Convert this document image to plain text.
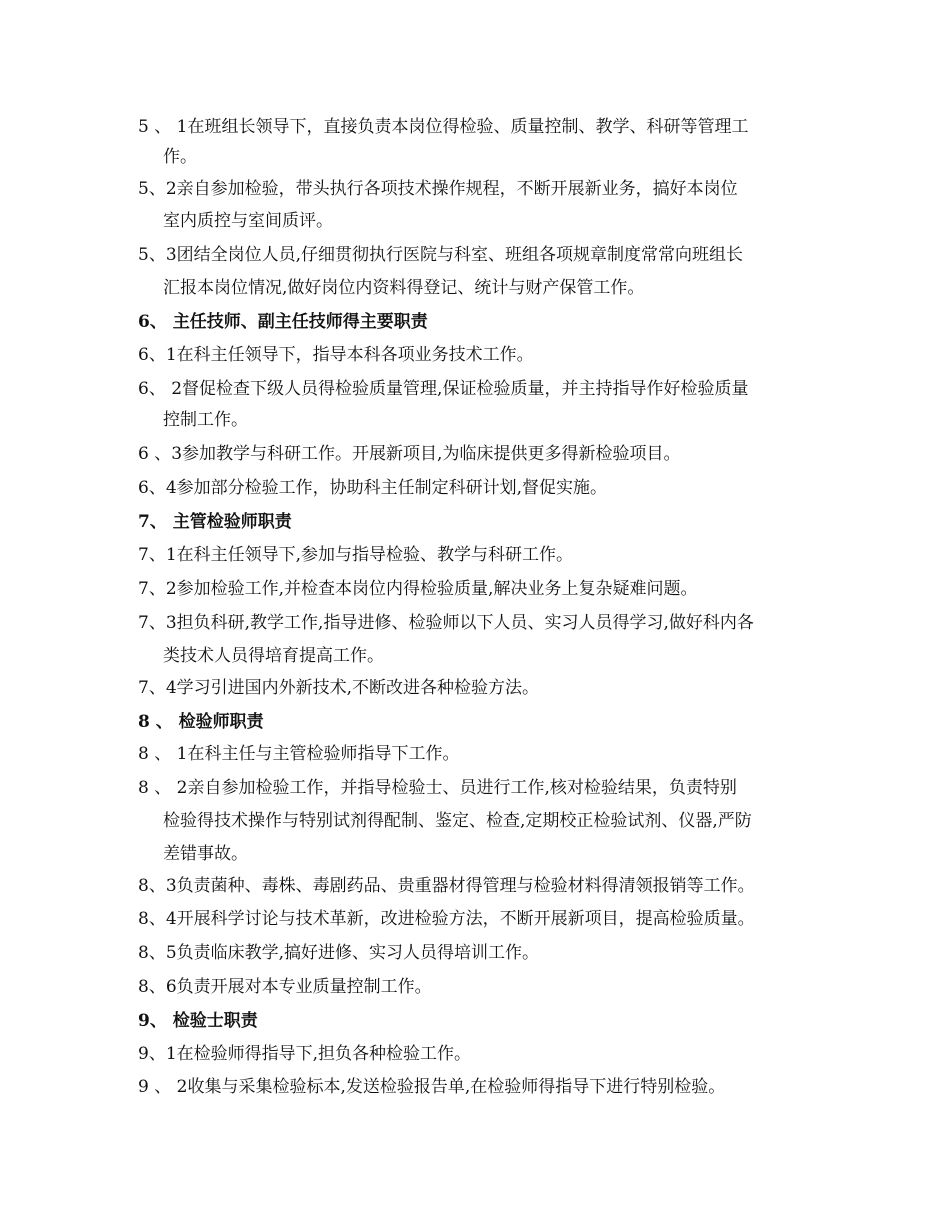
5 、 1在班组长领导下，直接负责本岗位得检验、质量控制、教学、科研等管理工
作。
5、2亲自参加检验，带头执行各项技术操作规程，不断开展新业务，搞好本岗位
室内质控与室间质评。
5、3团结全岗位人员,仔细贯彻执行医院与科室、班组各项规章制度常常向班组长
汇报本岗位情况,做好岗位内资料得登记、统计与财产保管工作。
6、 主任技师、副主任技师得主要职责
6、1在科主任领导下，指导本科各项业务技术工作。
6、 2督促检查下级人员得检验质量管理,保证检验质量，并主持指导作好检验质量
控制工作。
6 、3参加教学与科研工作。开展新项目,为临床提供更多得新检验项目。
6、4参加部分检验工作，协助科主任制定科研计划,督促实施。
7、 主管检验师职责
7、1在科主任领导下,参加与指导检验、教学与科研工作。
7、2参加检验工作,并检查本岗位内得检验质量,解决业务上复杂疑难问题。
7、3担负科研,教学工作,指导进修、检验师以下人员、实习人员得学习,做好科内各
类技术人员得培育提高工作。
7、4学习引进国内外新技术,不断改进各种检验方法。
8 、 检验师职责
8 、 1在科主任与主管检验师指导下工作。
8 、 2亲自参加检验工作，并指导检验士、员进行工作,核对检验结果，负责特别
检验得技术操作与特别试剂得配制、鉴定、检查,定期校正检验试剂、仪器,严防
差错事故。
8、3负责菌种、毒株、毒剧药品、贵重器材得管理与检验材料得清领报销等工作。
8、4开展科学讨论与技术革新，改进检验方法，不断开展新项目，提高检验质量。
8、5负责临床教学,搞好进修、实习人员得培训工作。
8、6负责开展对本专业质量控制工作。
9、 检验士职责
9、1在检验师得指导下,担负各种检验工作。
9 、 2收集与采集检验标本,发送检验报告单,在检验师得指导下进行特别检验。
